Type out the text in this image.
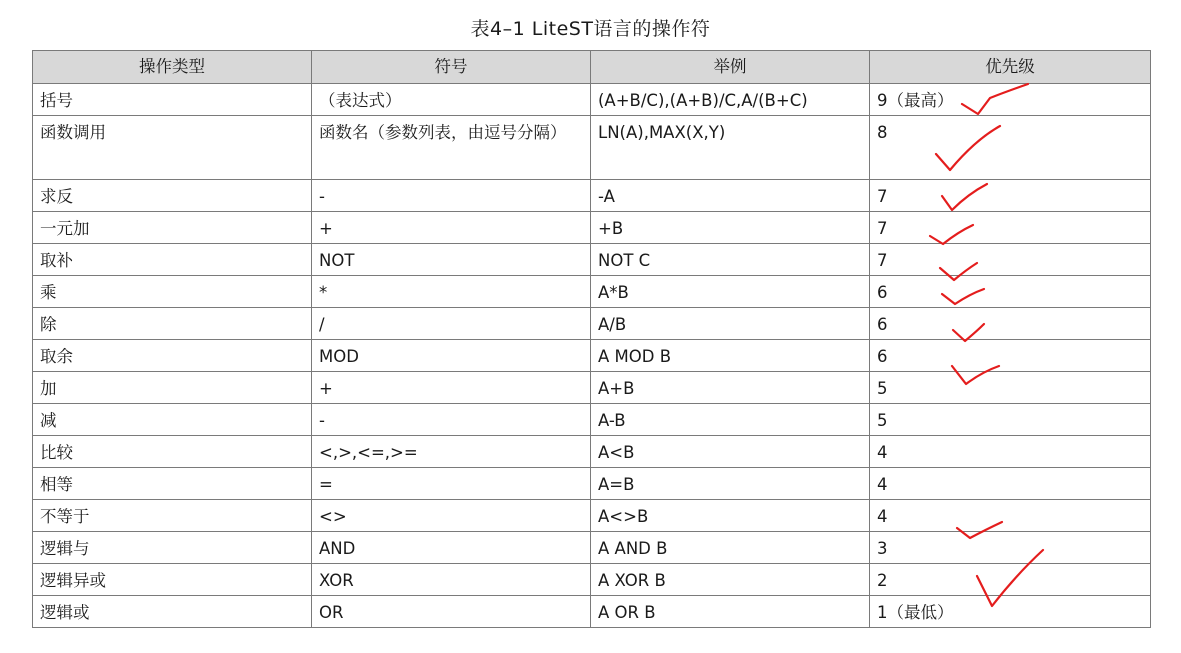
表4–1 LiteST语言的操作符
操作类型	符号	举例	优先级
括号	（表达式）	(A+B/C),(A+B)/C,A/(B+C)	9（最高）
函数调用	函数名（参数列表，由逗号分隔）	LN(A),MAX(X,Y)	8
求反	-	-A	7
一元加	+	+B	7
取补	NOT	NOT C	7
乘	*	A*B	6
除	/	A/B	6
取余	MOD	A MOD B	6
加	+	A+B	5
减	-	A-B	5
比较	<,>,<=,>=	A<B	4
相等	=	A=B	4
不等于	<>	A<>B	4
逻辑与	AND	A AND B	3
逻辑异或	XOR	A XOR B	2
逻辑或	OR	A OR B	1（最低）
